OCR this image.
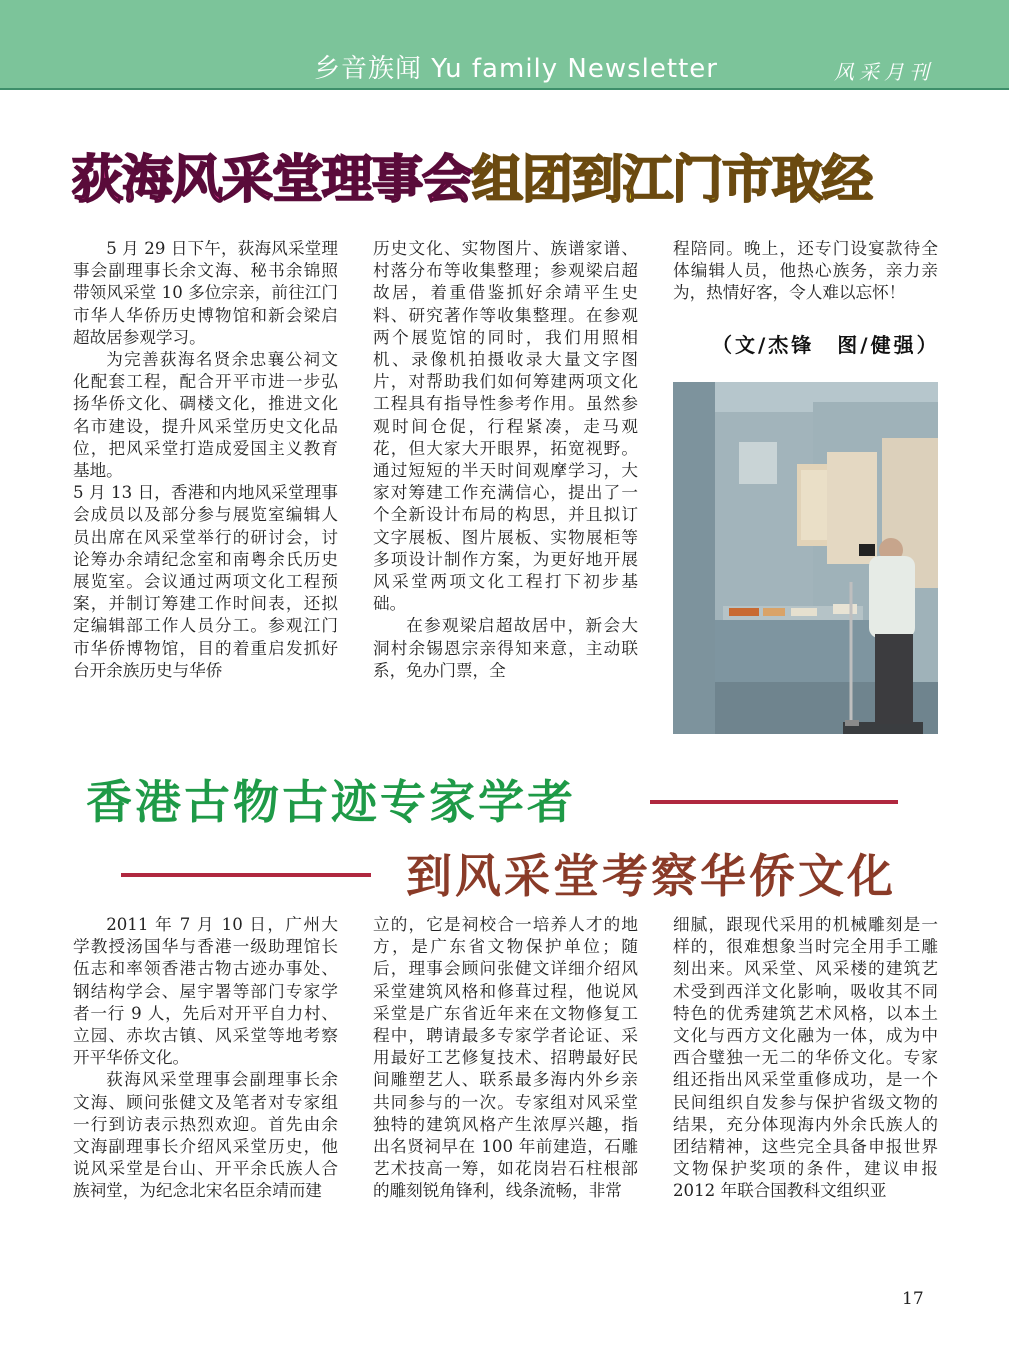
乡音族闻 Yu family Newsletter	风采月刊
荻海风采堂理事会组团到江门市取经

5 月 29 日下午，荻海风采堂理事会副理事长余文海、秘书余锦照带领风采堂 10 多位宗亲，前往江门市华人华侨历史博物馆和新会梁启超故居参观学习。

为完善荻海名贤余忠襄公祠文化配套工程，配合开平市进一步弘扬华侨文化、碉楼文化，推进文化名市建设，提升风采堂历史文化品位，把风采堂打造成爱国主义教育基地。

5 月 13 日，香港和内地风采堂理事会成员以及部分参与展览室编辑人员出席在风采堂举行的研讨会，讨论筹办余靖纪念室和南粤余氏历史展览室。会议通过两项文化工程预案，并制订筹建工作时间表，还拟定编辑部工作人员分工。参观江门市华侨博物馆，目的着重启发抓好台开余族历史与华侨

历史文化、实物图片、族谱家谱、村落分布等收集整理；参观梁启超故居，着重借鉴抓好余靖平生史料、研究著作等收集整理。在参观两个展览馆的同时，我们用照相机、录像机拍摄收录大量文字图片，对帮助我们如何筹建两项文化工程具有指导性参考作用。虽然参观时间仓促，行程紧凑，走马观花，但大家大开眼界，拓宽视野。通过短短的半天时间观摩学习，大家对筹建工作充满信心，提出了一个全新设计布局的构思，并且拟订文字展板、图片展板、实物展柜等多项设计制作方案，为更好地开展风采堂两项文化工程打下初步基础。

在参观梁启超故居中，新会大洞村余锡恩宗亲得知来意，主动联系，免办门票，全

程陪同。晚上，还专门设宴款待全体编辑人员，他热心族务，亲力亲为，热情好客，令人难以忘怀！

（文/杰锋　图/健强）
香港古物古迹专家学者
到风采堂考察华侨文化

2011 年 7 月 10 日，广州大学教授汤国华与香港一级助理馆长伍志和率领香港古物古迹办事处、钢结构学会、屋宇署等部门专家学者一行 9 人，先后对开平自力村、立园、赤坎古镇、风采堂等地考察开平华侨文化。

荻海风采堂理事会副理事长余文海、顾问张健文及笔者对专家组一行到访表示热烈欢迎。首先由余文海副理事长介绍风采堂历史，他说风采堂是台山、开平余氏族人合族祠堂，为纪念北宋名臣余靖而建

立的，它是祠校合一培养人才的地方，是广东省文物保护单位；随后，理事会顾问张健文详细介绍风采堂建筑风格和修葺过程，他说风采堂是广东省近年来在文物修复工程中，聘请最多专家学者论证、采用最好工艺修复技术、招聘最好民间雕塑艺人、联系最多海内外乡亲共同参与的一次。专家组对风采堂独特的建筑风格产生浓厚兴趣，指出名贤祠早在 100 年前建造，石雕艺术技高一筹，如花岗岩石柱根部的雕刻锐角锋利，线条流畅，非常

细腻，跟现代采用的机械雕刻是一样的，很难想象当时完全用手工雕刻出来。风采堂、风采楼的建筑艺术受到西洋文化影响，吸收其不同特色的优秀建筑艺术风格，以本土文化与西方文化融为一体，成为中西合璧独一无二的华侨文化。专家组还指出风采堂重修成功，是一个民间组织自发参与保护省级文物的结果，充分体现海内外余氏族人的团结精神，这些完全具备申报世界文物保护奖项的条件，建议申报 2012 年联合国教科文组织亚

17
